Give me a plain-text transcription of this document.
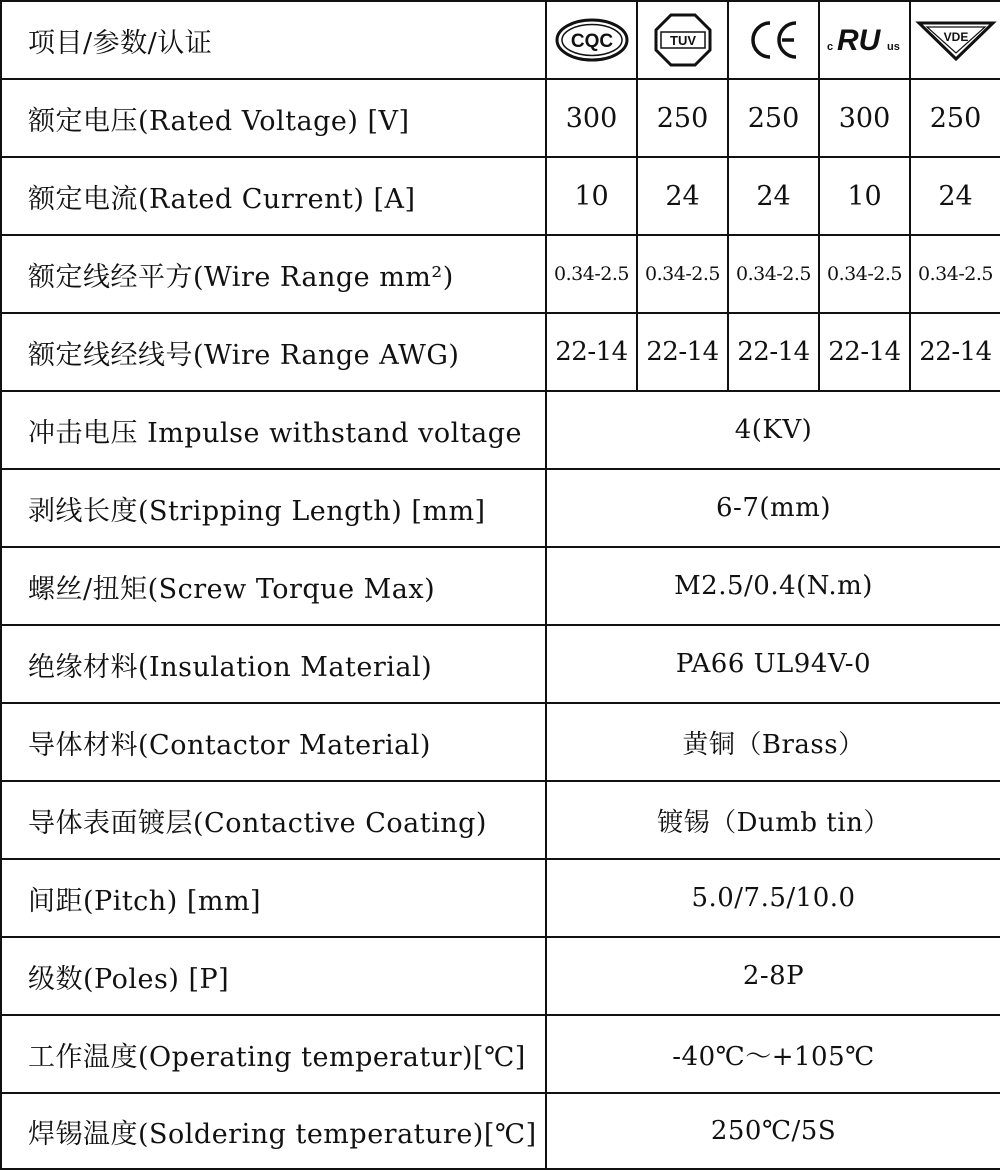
项目/参数/认证	CQC	TUV		c RU us	VDE

额定电压(Rated Voltage) [V]	300	250	250	300	250
额定电流(Rated Current) [A]	10	24	24	10	24
额定线经平方(Wire Range mm²)	0.34-2.5	0.34-2.5	0.34-2.5	0.34-2.5	0.34-2.5
额定线经线号(Wire Range AWG)	22-14	22-14	22-14	22-14	22-14
冲击电压 Impulse withstand voltage	4(KV)				
剥线长度(Stripping Length) [mm]	6-7(mm)				
螺丝/扭矩(Screw Torque Max)	M2.5/0.4(N.m)				
绝缘材料(Insulation Material)	PA66 UL94V-0				
导体材料(Contactor Material)	黄铜（Brass）				
导体表面镀层(Contactive Coating)	镀锡（Dumb tin）				
间距(Pitch) [mm]	5.0/7.5/10.0				
级数(Poles) [P]	2-8P				
工作温度(Operating temperatur)[℃]	-40℃～+105℃				
焊锡温度(Soldering temperature)[℃]	250℃/5S				
